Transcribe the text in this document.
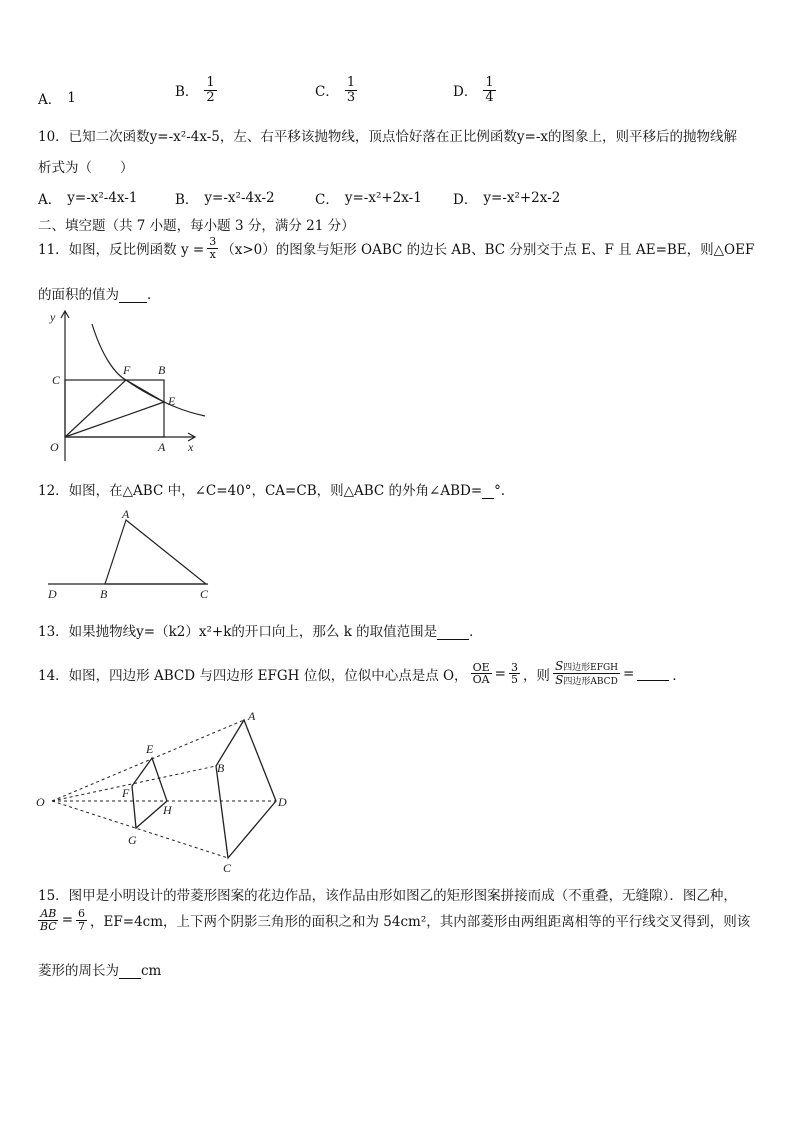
A． 1	B． $\frac{1}{2}$	C． $\frac{1}{3}$	D． $\frac{1}{4}$
10．已知二次函数y=-x²-4x-5，左、右平移该抛物线，顶点恰好落在正比例函数y=-x的图象上，则平移后的抛物线解
析式为（ ）
A． y=-x²-4x-1	B． y=-x²-4x-2	C． y=-x²+2x-1 D． y=-x²+2x-2
二、填空题（共 7 小题，每小题 3 分，满分 21 分）
11．如图，反比例函数 $y = \frac{3}{x} (x>0)$的图象与矩形 OABC 的边长 AB、BC 分别交于点 E、F 且 AE=BE，则△OEF
的面积的值为 ．
y
x
C
F B
E
O	A
12．如图，在△ABC 中，∠C=40°，CA=CB，则△ABC 的外角∠ABD= °．
A
D	B	C
13．如果抛物线y=（k2）x²+k的开口向上，那么 k 的取值范围是 ．
14．如图，四边形 ABCD 与四边形 EFGH 位似，位似中心点是点 O， $\frac{OE}{OA} = \frac{3}{5}$ ，则 $\frac{\text{S四边形EFGH}}{\text{S四边形ABCD}}$ =	．
A
E
B
F
H
O	D
G
C
15．图甲是小明设计的带菱形图案的花边作品，该作品由形如图乙的矩形图案拼接而成（不重叠，无缝隙）．图乙种，
$\frac{AB}{BC} = \frac{6}{7}$ ，EF=4cm，上下两个阴影三角形的面积之和为 54cm²，其内部菱形由两组距离相等的平行线交叉得到，则该
菱形的周长为 cm
